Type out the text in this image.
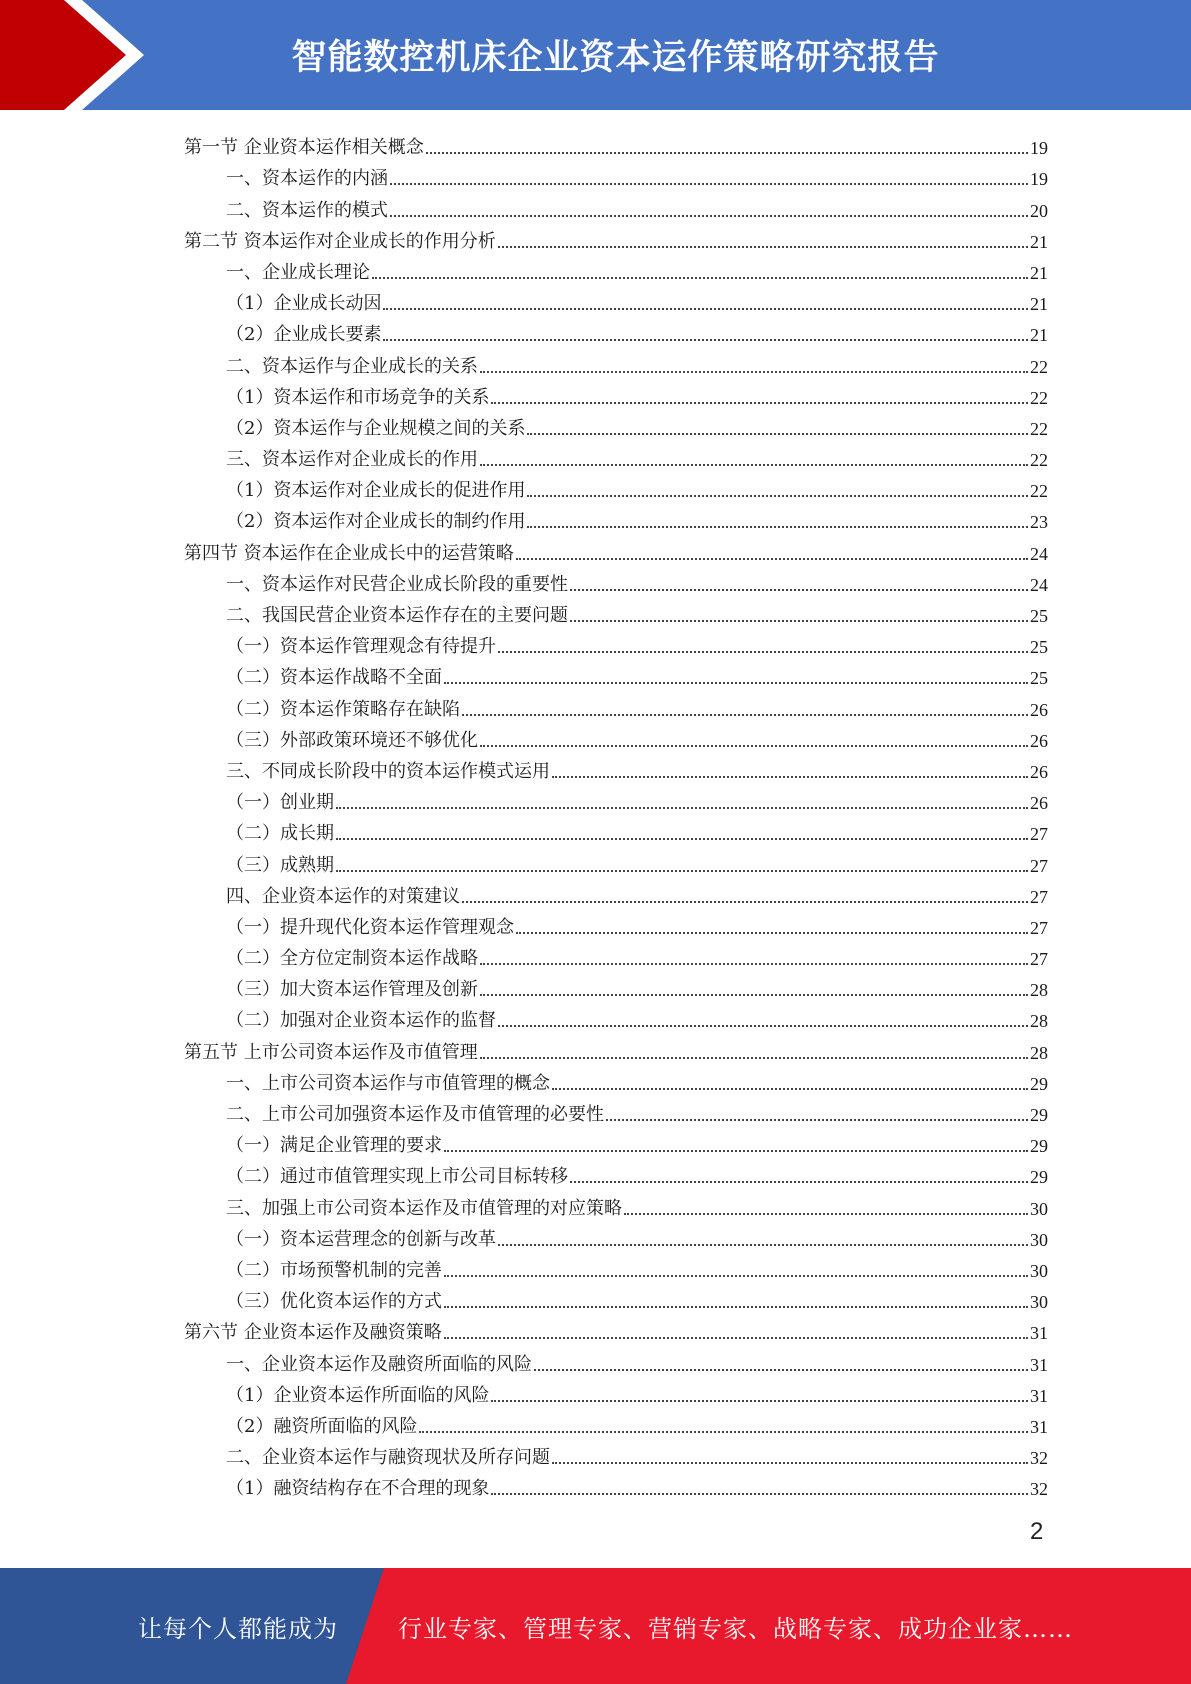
智能数控机床企业资本运作策略研究报告
第一节 企业资本运作相关概念	19
一、资本运作的内涵	19
二、资本运作的模式	20
第二节 资本运作对企业成长的作用分析	21
一、企业成长理论	21
（1）企业成长动因	21
（2）企业成长要素	21
二、资本运作与企业成长的关系	22
（1）资本运作和市场竞争的关系	22
（2）资本运作与企业规模之间的关系	22
三、资本运作对企业成长的作用	22
（1）资本运作对企业成长的促进作用	22
（2）资本运作对企业成长的制约作用	23
第四节 资本运作在企业成长中的运营策略	24
一、资本运作对民营企业成长阶段的重要性	24
二、我国民营企业资本运作存在的主要问题	25
（一）资本运作管理观念有待提升	25
（二）资本运作战略不全面	25
（二）资本运作策略存在缺陷	26
（三）外部政策环境还不够优化	26
三、不同成长阶段中的资本运作模式运用	26
（一）创业期	26
（二）成长期	27
（三）成熟期	27
四、企业资本运作的对策建议	27
（一）提升现代化资本运作管理观念	27
（二）全方位定制资本运作战略	27
（三）加大资本运作管理及创新	28
（二）加强对企业资本运作的监督	28
第五节 上市公司资本运作及市值管理	28
一、上市公司资本运作与市值管理的概念	29
二、上市公司加强资本运作及市值管理的必要性	29
（一）满足企业管理的要求	29
（二）通过市值管理实现上市公司目标转移	29
三、加强上市公司资本运作及市值管理的对应策略	30
（一）资本运营理念的创新与改革	30
（二）市场预警机制的完善	30
（三）优化资本运作的方式	30
第六节 企业资本运作及融资策略	31
一、企业资本运作及融资所面临的风险	31
（1）企业资本运作所面临的风险	31
（2）融资所面临的风险	31
二、企业资本运作与融资现状及所存问题	32
（1）融资结构存在不合理的现象	32
2
让每个人都能成为	行业专家、管理专家、营销专家、战略专家、成功企业家……
